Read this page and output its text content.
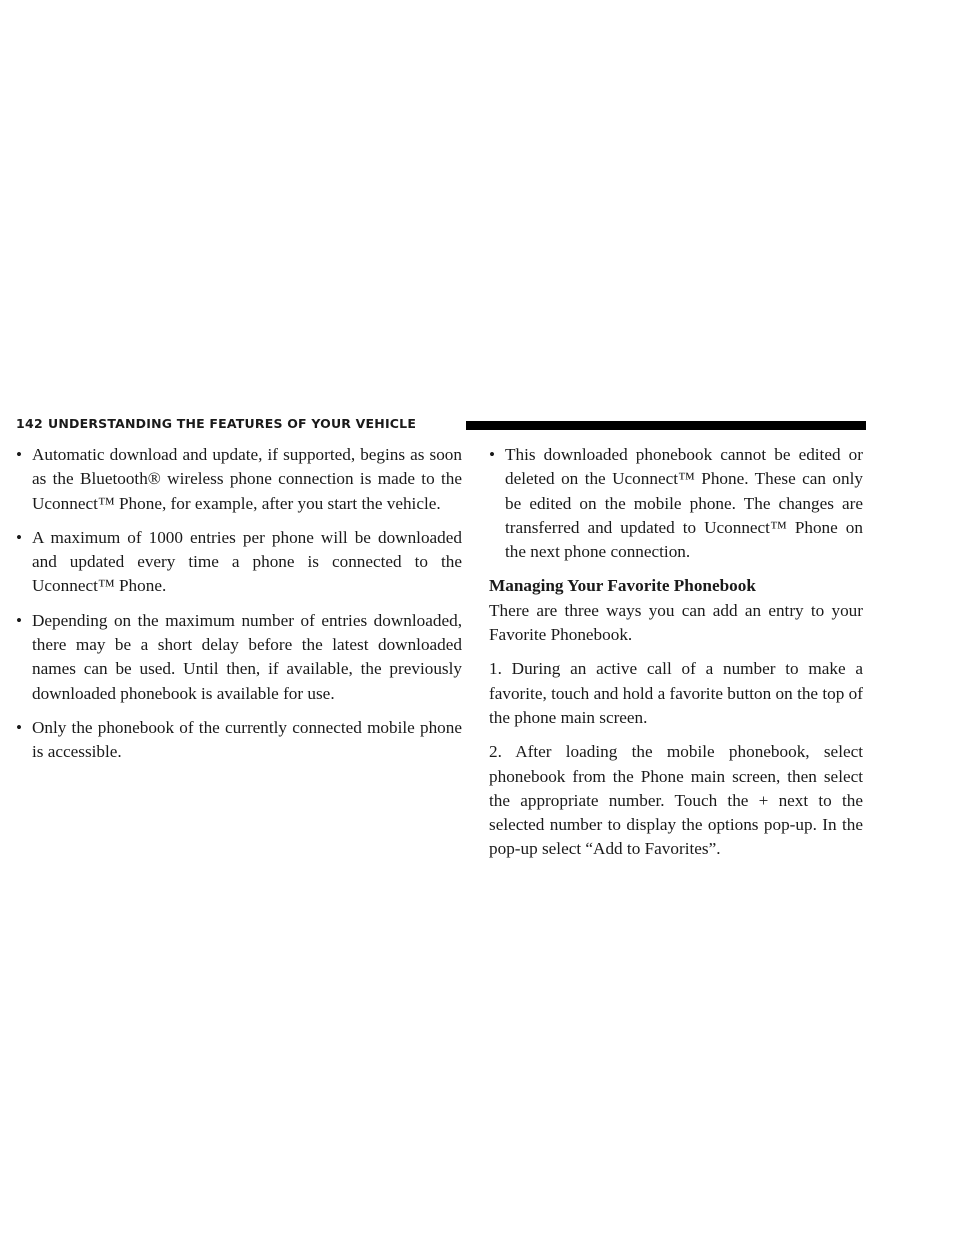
142 UNDERSTANDING THE FEATURES OF YOUR VEHICLE
• Automatic download and update, if supported, begins as soon as the Bluetooth® wireless phone connection is made to the Uconnect™ Phone, for example, after you start the vehicle.
• A maximum of 1000 entries per phone will be downloaded and updated every time a phone is connected to the Uconnect™ Phone.
• Depending on the maximum number of entries downloaded, there may be a short delay before the latest downloaded names can be used. Until then, if available, the previously downloaded phonebook is available for use.
• Only the phonebook of the currently connected mobile phone is accessible.
• This downloaded phonebook cannot be edited or deleted on the Uconnect™ Phone. These can only be edited on the mobile phone. The changes are transferred and updated to Uconnect™ Phone on the next phone connection.
Managing Your Favorite Phonebook

There are three ways you can add an entry to your Favorite Phonebook.

1. During an active call of a number to make a favorite, touch and hold a favorite button on the top of the phone main screen.

2. After loading the mobile phonebook, select phonebook from the Phone main screen, then select the appropriate number. Touch the + next to the selected number to display the options pop-up. In the pop-up select “Add to Favorites”.
